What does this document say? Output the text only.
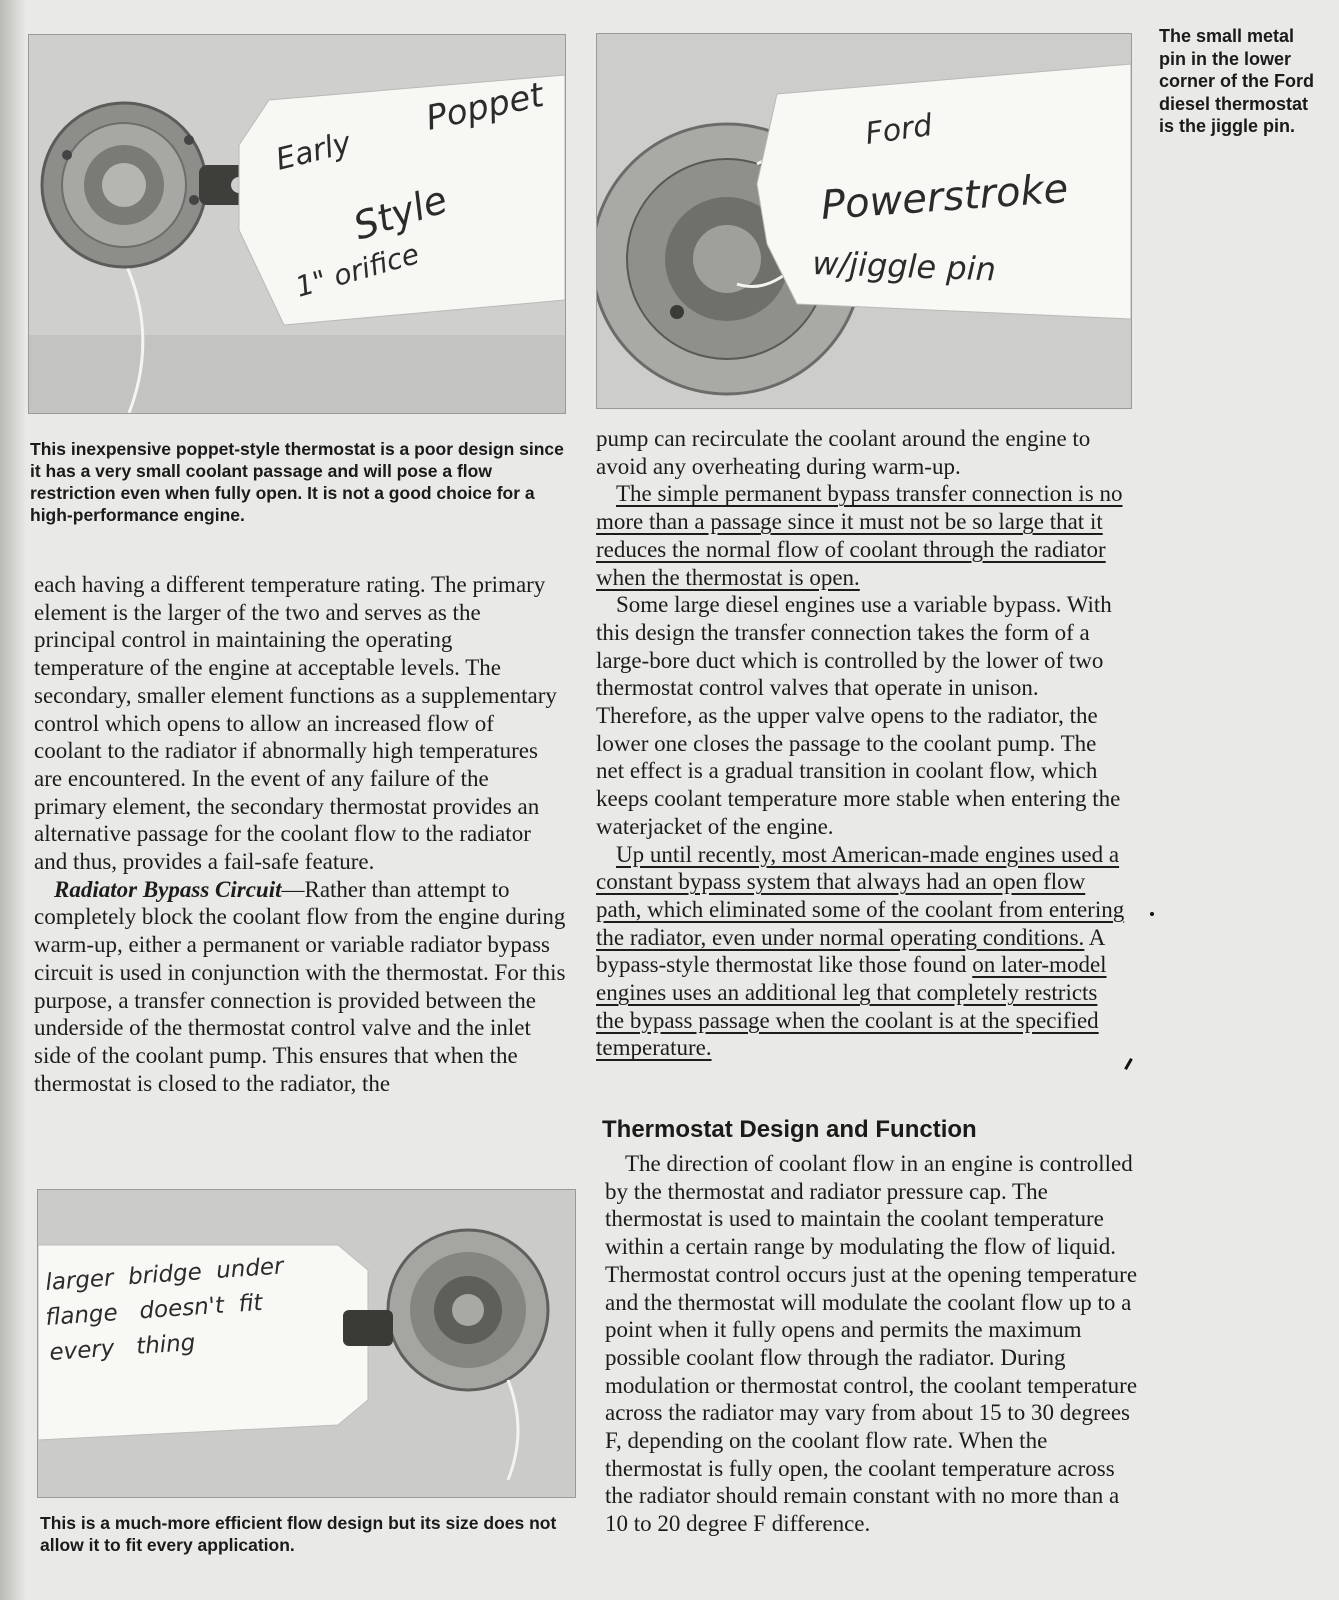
Early
Poppet
Style
1" orifice
Ford
Powerstroke
w/jiggle pin
larger  bridge  under
flange   doesn't  fit
every   thing

This inexpensive poppet-style thermostat is a poor design since it has a very small coolant passage and will pose a flow restriction even when fully open. It is not a good choice for a high-performance engine.

The small metal pin in the lower corner of the Ford diesel thermostat is the jiggle pin.

This is a much-more efficient flow design but its size does not allow it to fit every application.

each having a different temperature rating. The primary element is the larger of the two and serves as the principal control in maintaining the operating temperature of the engine at acceptable levels. The secondary, smaller element functions as a supplementary control which opens to allow an increased flow of coolant to the radiator if abnormally high temperatures are encountered. In the event of any failure of the primary element, the secondary thermostat provides an alternative passage for the coolant flow to the radiator and thus, provides a fail-safe feature.

Radiator Bypass Circuit—Rather than attempt to completely block the coolant flow from the engine during warm-up, either a permanent or variable radiator bypass circuit is used in conjunction with the thermostat. For this purpose, a transfer connection is provided between the underside of the thermostat control valve and the inlet side of the coolant pump. This ensures that when the thermostat is closed to the radiator, the

pump can recirculate the coolant around the engine to avoid any overheating during warm-up.

The simple permanent bypass transfer connection is no more than a passage since it must not be so large that it reduces the normal flow of coolant through the radiator when the thermostat is open.

Some large diesel engines use a variable bypass. With this design the transfer connection takes the form of a large-bore duct which is controlled by the lower of two thermostat control valves that operate in unison. Therefore, as the upper valve opens to the radiator, the lower one closes the passage to the coolant pump. The net effect is a gradual transition in coolant flow, which keeps coolant temperature more stable when entering the waterjacket of the engine.

Up until recently, most American-made engines used a constant bypass system that always had an open flow path, which eliminated some of the coolant from entering the radiator, even under normal operating conditions. A bypass-style thermostat like those found on later-model engines uses an additional leg that completely restricts the bypass passage when the coolant is at the specified temperature.

Thermostat Design and Function

The direction of coolant flow in an engine is controlled by the thermostat and radiator pressure cap. The thermostat is used to maintain the coolant temperature within a certain range by modulating the flow of liquid. Thermostat control occurs just at the opening temperature and the thermostat will modulate the coolant flow up to a point when it fully opens and permits the maximum possible coolant flow through the radiator. During modulation or thermostat control, the coolant temperature across the radiator may vary from about 15 to 30 degrees F, depending on the coolant flow rate. When the thermostat is fully open, the coolant temperature across the radiator should remain constant with no more than a 10 to 20 degree F difference.
